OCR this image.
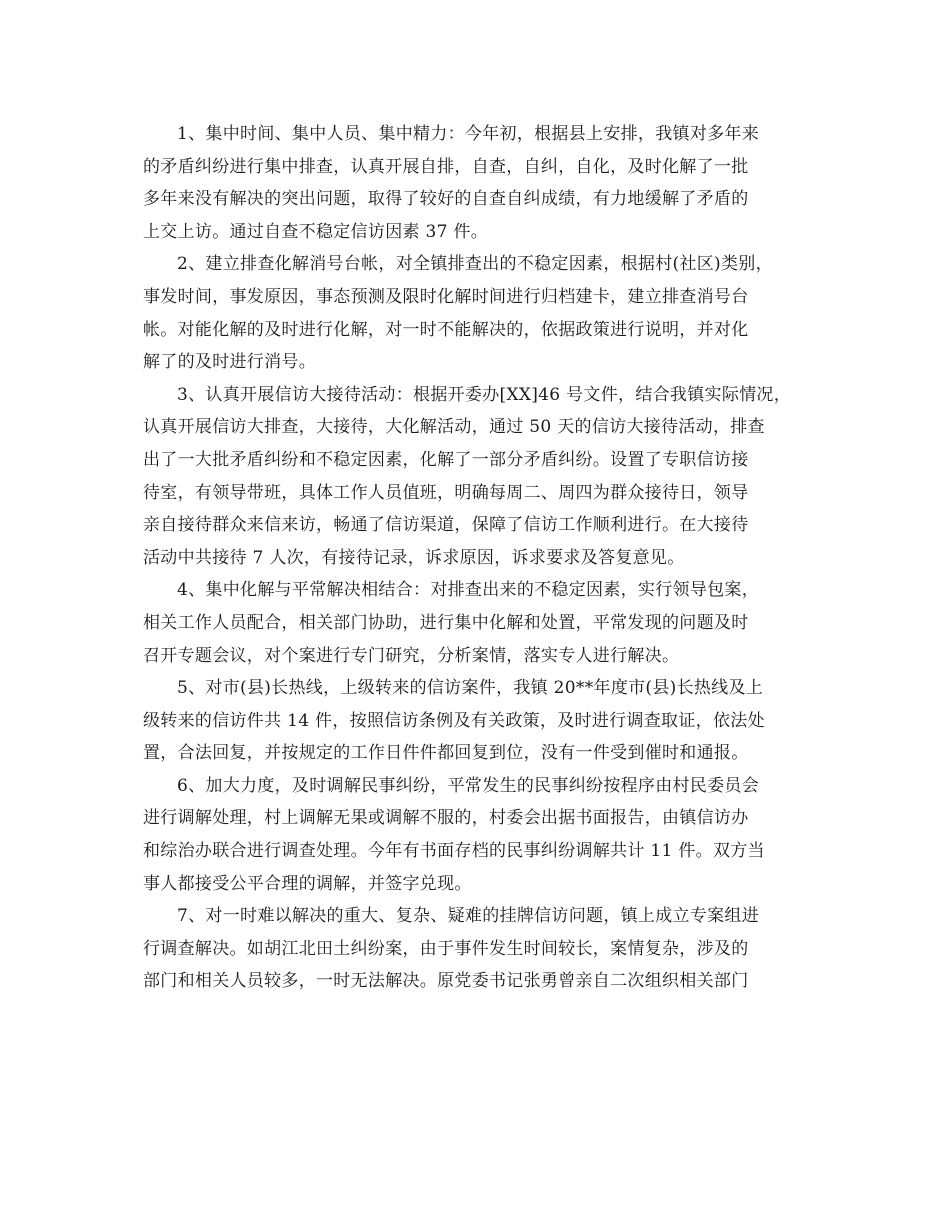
1、集中时间、集中人员、集中精力：今年初，根据县上安排，我镇对多年来
的矛盾纠纷进行集中排查，认真开展自排，自查，自纠，自化，及时化解了一批
多年来没有解决的突出问题，取得了较好的自查自纠成绩，有力地缓解了矛盾的
上交上访。通过自查不稳定信访因素 37 件。

2、建立排查化解消号台帐，对全镇排查出的不稳定因素，根据村(社区)类别，
事发时间，事发原因，事态预测及限时化解时间进行归档建卡，建立排查消号台
帐。对能化解的及时进行化解，对一时不能解决的，依据政策进行说明，并对化
解了的及时进行消号。

3、认真开展信访大接待活动：根据开委办[XX]46 号文件，结合我镇实际情况，
认真开展信访大排查，大接待，大化解活动，通过 50 天的信访大接待活动，排查
出了一大批矛盾纠纷和不稳定因素，化解了一部分矛盾纠纷。设置了专职信访接
待室，有领导带班，具体工作人员值班，明确每周二、周四为群众接待日，领导
亲自接待群众来信来访，畅通了信访渠道，保障了信访工作顺利进行。在大接待
活动中共接待 7 人次，有接待记录，诉求原因，诉求要求及答复意见。

4、集中化解与平常解决相结合：对排查出来的不稳定因素，实行领导包案，
相关工作人员配合，相关部门协助，进行集中化解和处置，平常发现的问题及时
召开专题会议，对个案进行专门研究，分析案情，落实专人进行解决。

5、对市(县)长热线，上级转来的信访案件，我镇 20**年度市(县)长热线及上
级转来的信访件共 14 件，按照信访条例及有关政策，及时进行调查取证，依法处
置，合法回复，并按规定的工作日件件都回复到位，没有一件受到催时和通报。

6、加大力度，及时调解民事纠纷，平常发生的民事纠纷按程序由村民委员会
进行调解处理，村上调解无果或调解不服的，村委会出据书面报告，由镇信访办
和综治办联合进行调查处理。今年有书面存档的民事纠纷调解共计 11 件。双方当
事人都接受公平合理的调解，并签字兑现。

7、对一时难以解决的重大、复杂、疑难的挂牌信访问题，镇上成立专案组进
行调查解决。如胡江北田土纠纷案，由于事件发生时间较长，案情复杂，涉及的
部门和相关人员较多，一时无法解决。原党委书记张勇曾亲自二次组织相关部门
